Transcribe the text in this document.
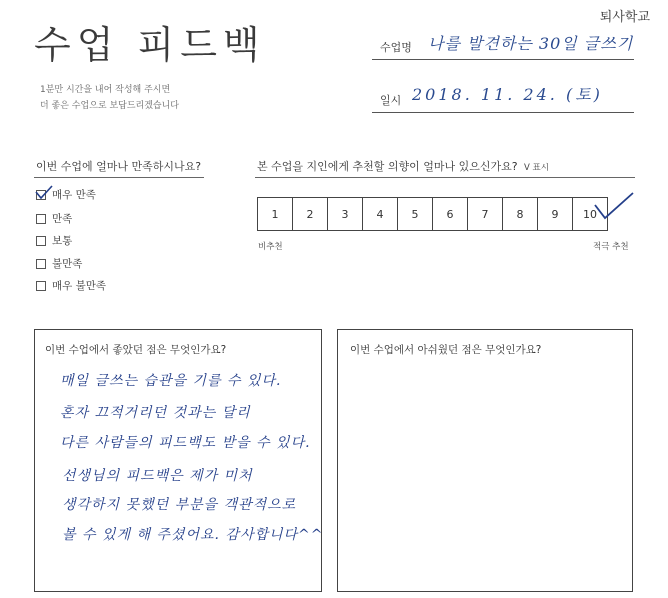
수업 피드백
퇴사학교
1분만 시간을 내어 작성해 주시면
더 좋은 수업으로 보답드리겠습니다
수업명 나를 발견하는 30일 글쓰기
일시 2018. 11. 24. (토)
이번 수업에 얼마나 만족하시나요?
매우 만족
만족
보통
불만족
매우 불만족
본 수업을 지인에게 추천할 의향이 얼마나 있으신가요? V 표시
1	2	3	4	5	6	7	8	9	10
비추천	적극 추천
이번 수업에서 좋았던 점은 무엇인가요?
매일 글쓰는 습관을 기를 수 있다.
혼자 끄적거리던 것과는 달리
다른 사람들의 피드백도 받을 수 있다.
선생님의 피드백은 제가 미처
생각하지 못했던 부분을 객관적으로
볼 수 있게 해 주셨어요. 감사합니다^^
이번 수업에서 아쉬웠던 점은 무엇인가요?
